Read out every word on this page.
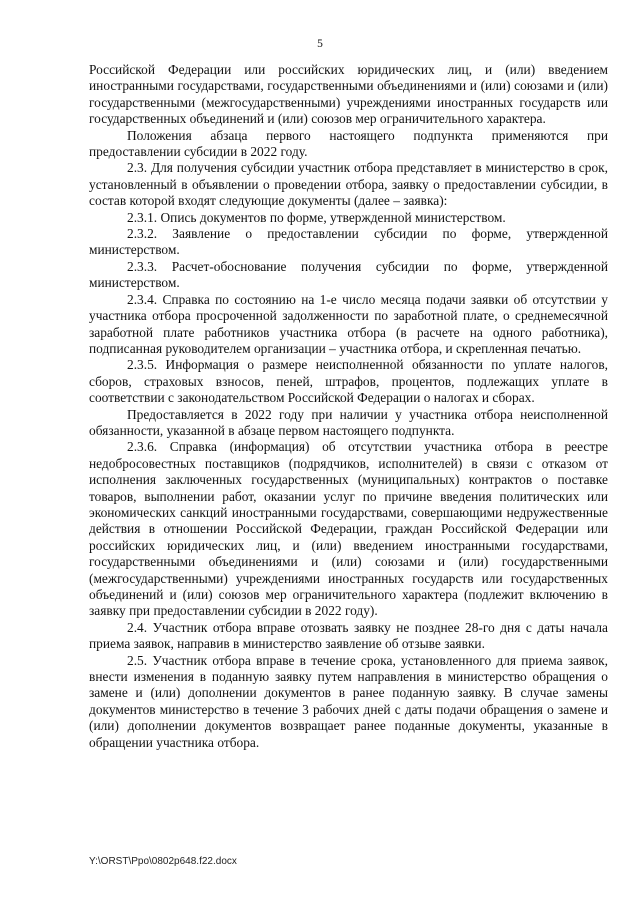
5

Российской Федерации или российских юридических лиц, и (или) введением иностранными государствами, государственными объединениями и (или) союзами и (или) государственными (межгосударственными) учреждениями иностранных государств или государственных объединений и (или) союзов мер ограничительного характера.

Положения абзаца первого настоящего подпункта применяются при предоставлении субсидии в 2022 году.

2.3. Для получения субсидии участник отбора представляет в министерство в срок, установленный в объявлении о проведении отбора, заявку о предоставлении субсидии, в состав которой входят следующие документы (далее – заявка):

2.3.1. Опись документов по форме, утвержденной министерством.

2.3.2. Заявление о предоставлении субсидии по форме, утвержденной министерством.

2.3.3. Расчет-обоснование получения субсидии по форме, утвержденной министерством.

2.3.4. Справка по состоянию на 1-е число месяца подачи заявки об отсутствии у участника отбора просроченной задолженности по заработной плате, о среднемесячной заработной плате работников участника отбора (в расчете на одного работника), подписанная руководителем организации – участника отбора, и скрепленная печатью.

2.3.5. Информация о размере неисполненной обязанности по уплате налогов, сборов, страховых взносов, пеней, штрафов, процентов, подлежащих уплате в соответствии с законодательством Российской Федерации о налогах и сборах.

Предоставляется в 2022 году при наличии у участника отбора неисполненной обязанности, указанной в абзаце первом настоящего подпункта.

2.3.6. Справка (информация) об отсутствии участника отбора в реестре недобросовестных поставщиков (подрядчиков, исполнителей) в связи с отказом от исполнения заключенных государственных (муниципальных) контрактов о поставке товаров, выполнении работ, оказании услуг по причине введения политических или экономических санкций иностранными государствами, совершающими недружественные действия в отношении Российской Федерации, граждан Российской Федерации или российских юридических лиц, и (или) введением иностранными государствами, государственными объединениями и (или) союзами и (или) государственными (межгосударственными) учреждениями иностранных государств или государственных объединений и (или) союзов мер ограничительного характера (подлежит включению в заявку при предоставлении субсидии в 2022 году).

2.4. Участник отбора вправе отозвать заявку не позднее 28-го дня с даты начала приема заявок, направив в министерство заявление об отзыве заявки.

2.5. Участник отбора вправе в течение срока, установленного для приема заявок, внести изменения в поданную заявку путем направления в министерство обращения о замене и (или) дополнении документов в ранее поданную заявку. В случае замены документов министерство в течение 3 рабочих дней с даты подачи обращения о замене и (или) дополнении документов возвращает ранее поданные документы, указанные в обращении участника отбора.

Y:\ORST\Ppo\0802p648.f22.docx
